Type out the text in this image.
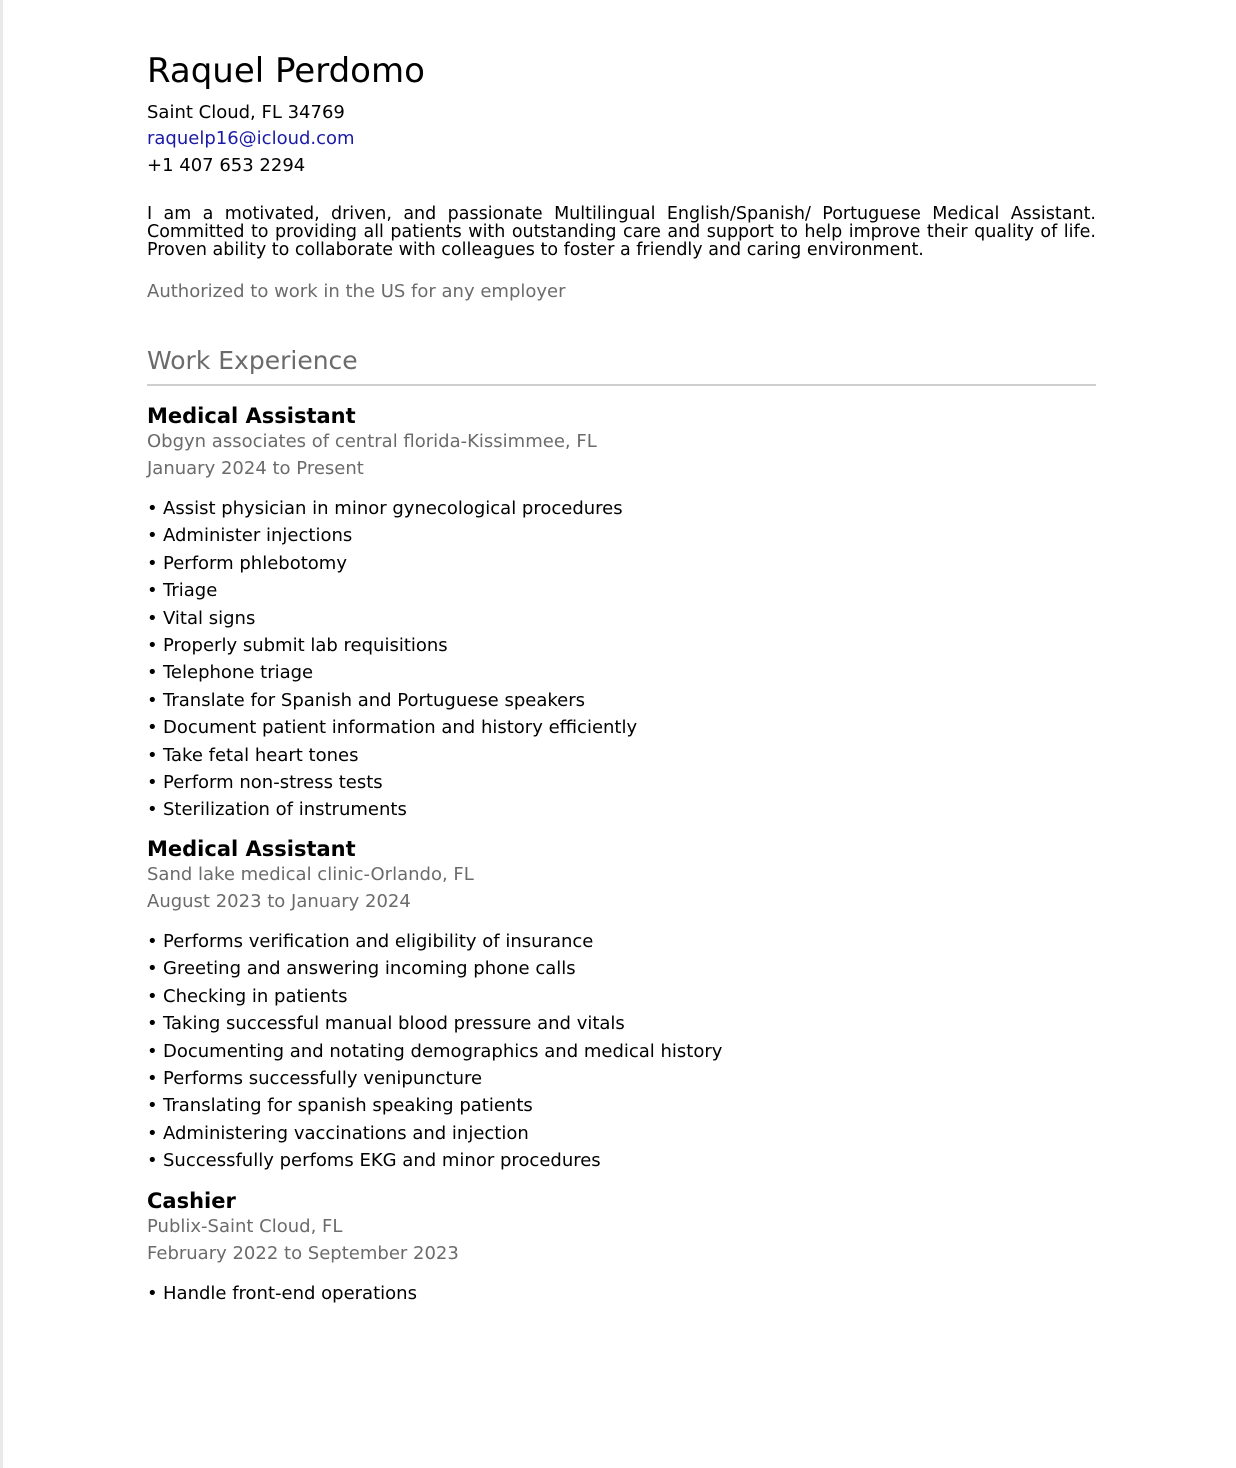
Raquel Perdomo
Saint Cloud, FL 34769
raquelp16@icloud.com
+1 407 653 2294

I am a motivated, driven, and passionate Multilingual English/Spanish/ Portuguese Medical Assistant. Committed to providing all patients with outstanding care and support to help improve their quality of life. Proven ability to collaborate with colleagues to foster a friendly and caring environment.

Authorized to work in the US for any employer
Work Experience
Medical Assistant
Obgyn associates of central florida-Kissimmee, FL
January 2024 to Present
• Assist physician in minor gynecological procedures
• Administer injections
• Perform phlebotomy
• Triage
• Vital signs
• Properly submit lab requisitions
• Telephone triage
• Translate for Spanish and Portuguese speakers
• Document patient information and history efficiently
• Take fetal heart tones
• Perform non-stress tests
• Sterilization of instruments
Medical Assistant
Sand lake medical clinic-Orlando, FL
August 2023 to January 2024
• Performs verification and eligibility of insurance
• Greeting and answering incoming phone calls
• Checking in patients
• Taking successful manual blood pressure and vitals
• Documenting and notating demographics and medical history
• Performs successfully venipuncture
• Translating for spanish speaking patients
• Administering vaccinations and injection
• Successfully perfoms EKG and minor procedures
Cashier
Publix-Saint Cloud, FL
February 2022 to September 2023
• Handle front-end operations
